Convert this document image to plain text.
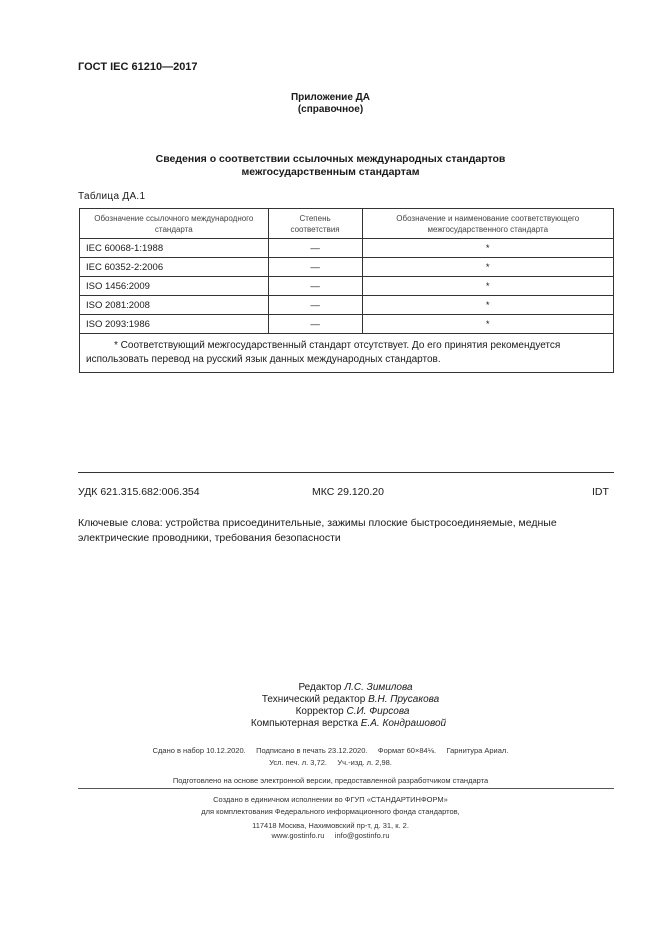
ГОСТ IEC 61210—2017
Приложение ДА
(справочное)
Сведения о соответствии ссылочных международных стандартов
межгосударственным стандартам
Таблица ДА.1
Обозначение ссылочного международного стандарта	Степень соответствия	Обозначение и наименование соответствующего межгосударственного стандарта
IEC 60068-1:1988	—	*
IEC 60352-2:2006	—	*
ISO 1456:2009	—	*
ISO 2081:2008	—	*
ISO 2093:1986	—	*
* Соответствующий межгосударственный стандарт отсутствует. До его принятия рекомендуется использовать перевод на русский язык данных международных стандартов.		
УДК 621.315.682:006.354	МКС 29.120.20	IDT
Ключевые слова: устройства присоединительные, зажимы плоские быстросоединяемые, медные электрические проводники, требования безопасности
Редактор Л.С. Зимилова
Технический редактор В.Н. Прусакова
Корректор С.И. Фирсова
Компьютерная верстка Е.А. Кондрашовой
Сдано в набор 10.12.2020.     Подписано в печать 23.12.2020.     Формат 60×84⅛.     Гарнитура Ариал.
Усл. печ. л. 3,72.     Уч.-изд. л. 2,98.
Подготовлено на основе электронной версии, предоставленной разработчиком стандарта
Создано в единичном исполнении во ФГУП «СТАНДАРТИНФОРМ»
для комплектования Федерального информационного фонда стандартов,
117418 Москва, Нахимовский пр-т, д. 31, к. 2.
www.gostinfo.ru     info@gostinfo.ru
